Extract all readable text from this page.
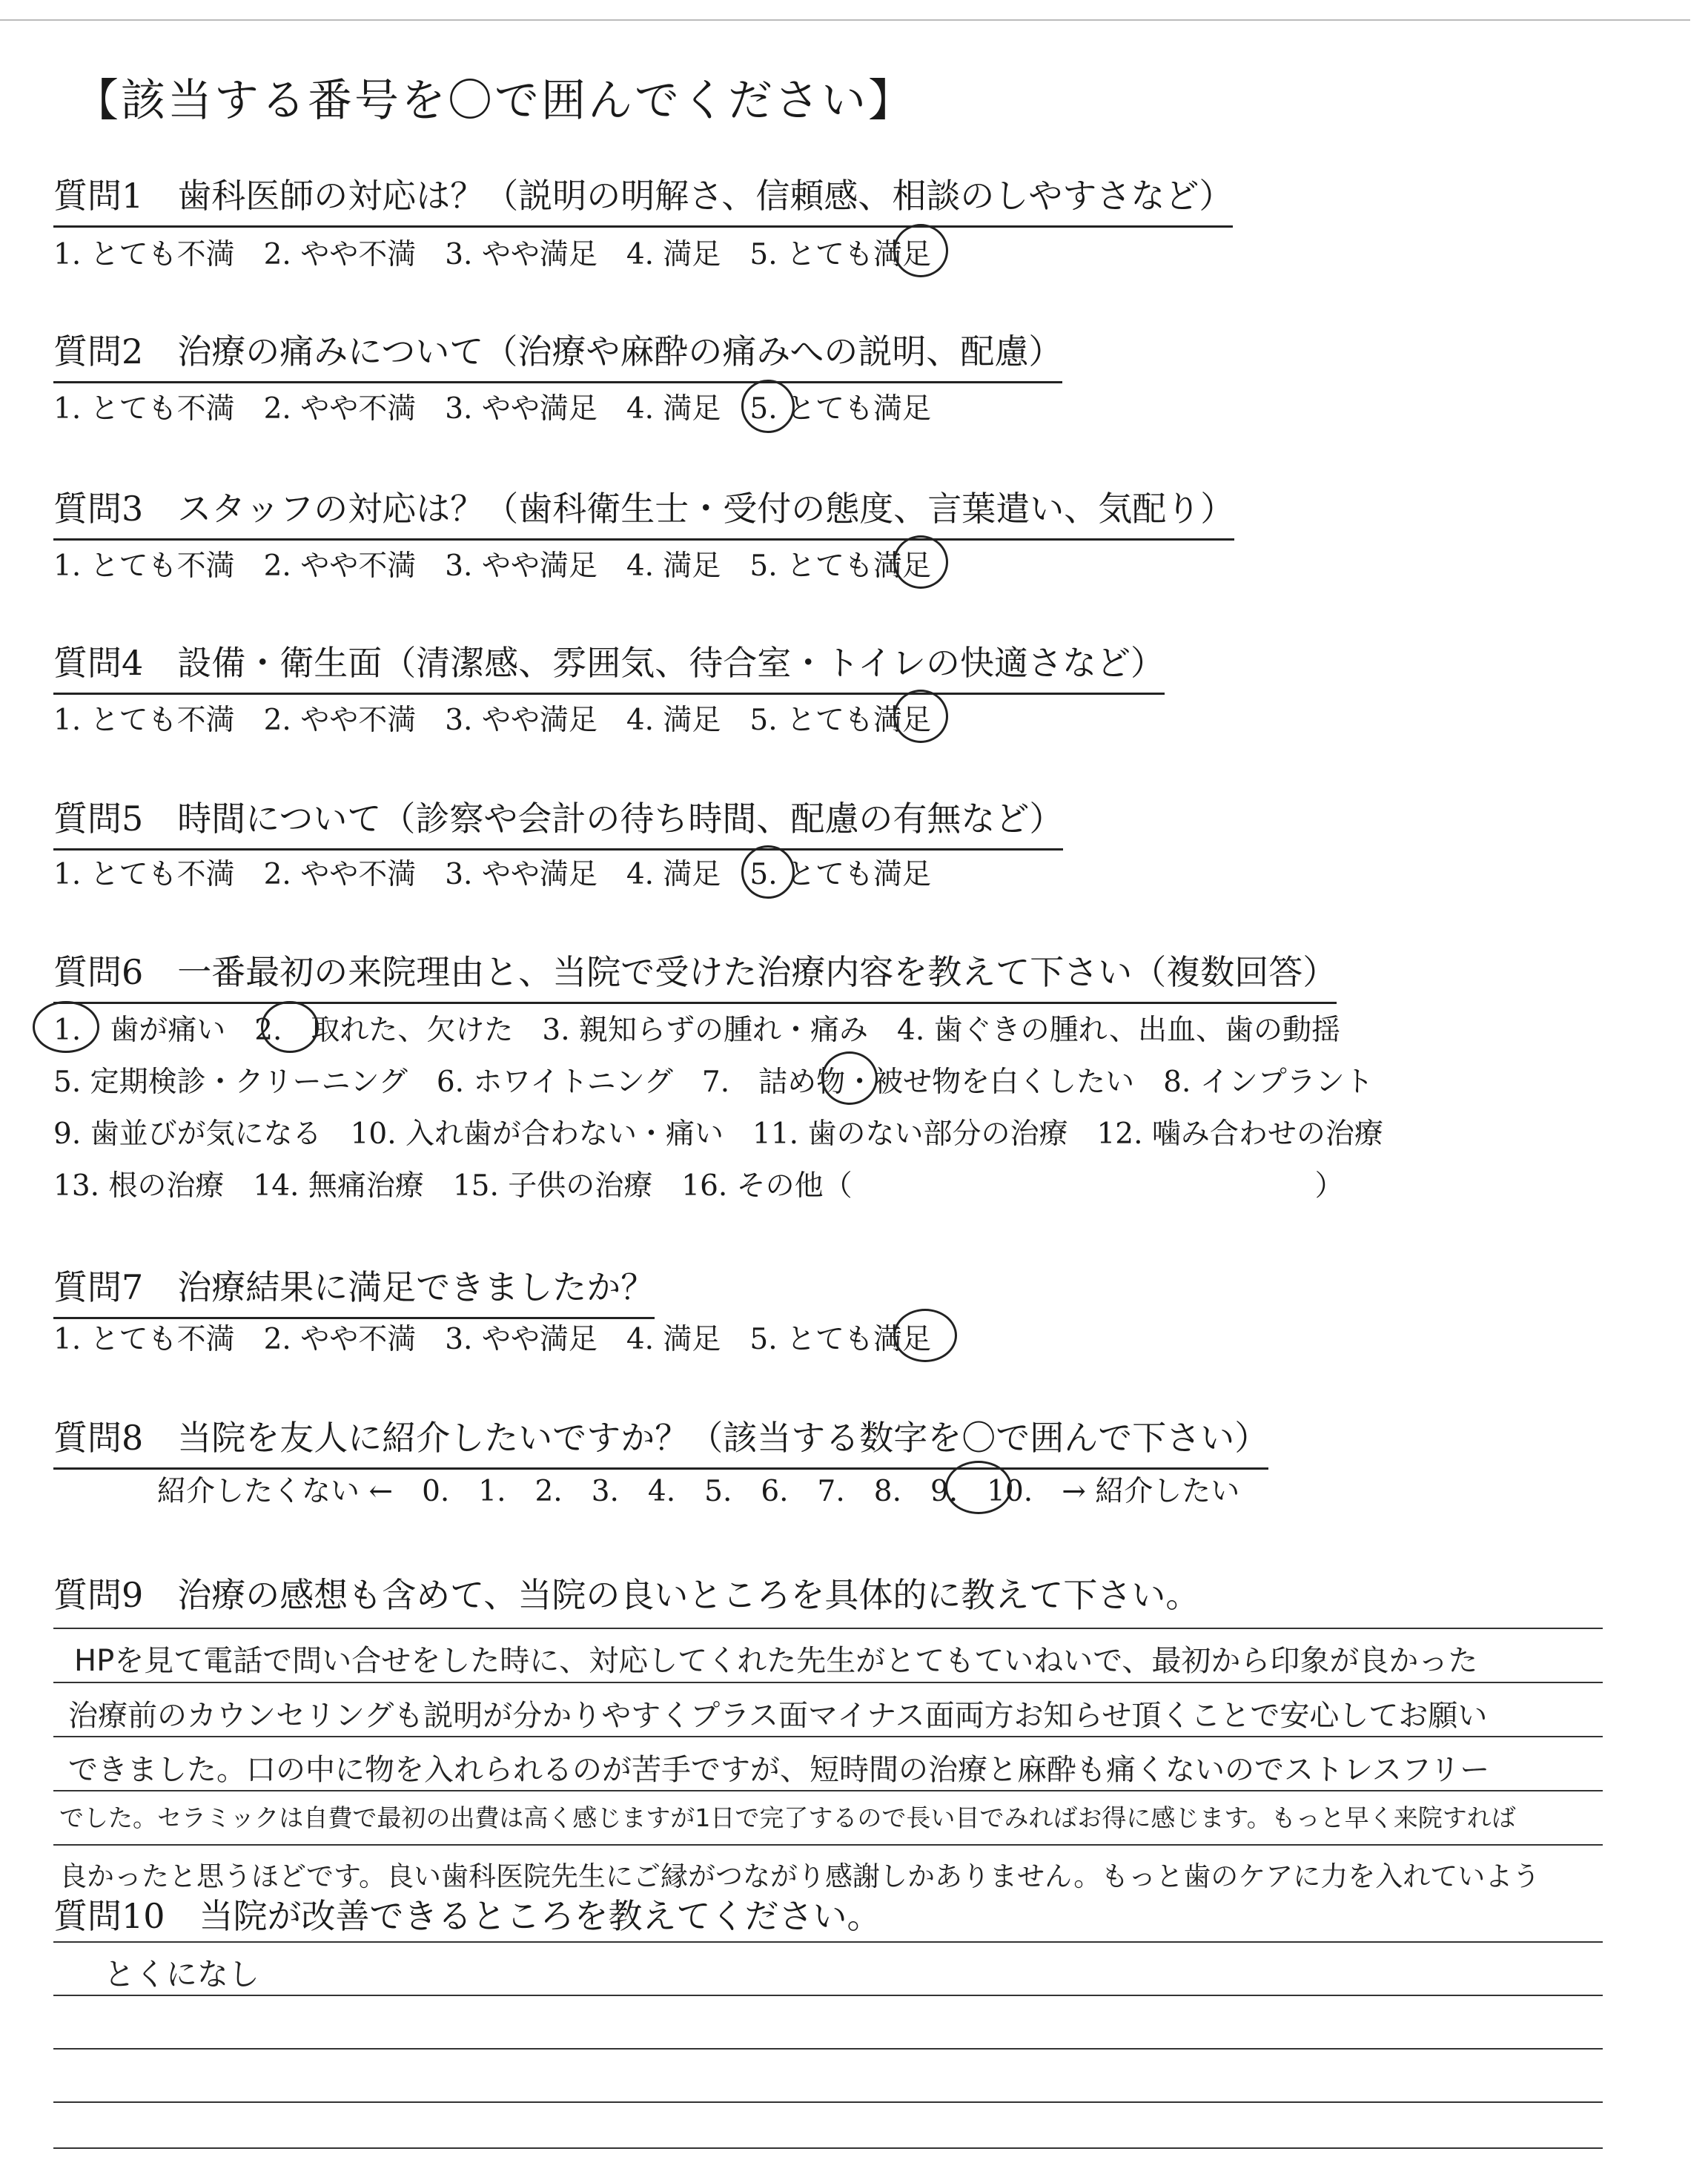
【該当する番号を〇で囲んでください】
質問1　歯科医師の対応は？（説明の明解さ、信頼感、相談のしやすさなど）
1. とても不満　2. やや不満　3. やや満足　4. 満足　5. とても満足
質問2　治療の痛みについて（治療や麻酔の痛みへの説明、配慮）
1. とても不満　2. やや不満　3. やや満足　4. 満足　5. とても満足
質問3　スタッフの対応は？（歯科衛生士・受付の態度、言葉遣い、気配り）
1. とても不満　2. やや不満　3. やや満足　4. 満足　5. とても満足
質問4　設備・衛生面（清潔感、雰囲気、待合室・トイレの快適さなど）
1. とても不満　2. やや不満　3. やや満足　4. 満足　5. とても満足
質問5　時間について（診察や会計の待ち時間、配慮の有無など）
1. とても不満　2. やや不満　3. やや満足　4. 満足　5. とても満足
質問6　一番最初の来院理由と、当院で受けた治療内容を教えて下さい（複数回答）
1.　歯が痛い　2.　取れた、欠けた　3. 親知らずの腫れ・痛み　4. 歯ぐきの腫れ、出血、歯の動揺
5. 定期検診・クリーニング　6. ホワイトニング　7.　詰め物・被せ物を白くしたい　8. インプラント
9. 歯並びが気になる　10. 入れ歯が合わない・痛い　11. 歯のない部分の治療　12. 噛み合わせの治療
13. 根の治療　14. 無痛治療　15. 子供の治療　16. その他（　　　　　　　　　　　　　　　　）
質問7　治療結果に満足できましたか？
1. とても不満　2. やや不満　3. やや満足　4. 満足　5. とても満足
質問8　当院を友人に紹介したいですか？（該当する数字を〇で囲んで下さい）
紹介したくない ←　0.　1.　2.　3.　4.　5.　6.　7.　8.　9.　10.　→ 紹介したい
質問9　治療の感想も含めて、当院の良いところを具体的に教えて下さい。
HPを見て電話で問い合せをした時に、対応してくれた先生がとてもていねいで、最初から印象が良かった
治療前のカウンセリングも説明が分かりやすくプラス面マイナス面両方お知らせ頂くことで安心してお願い
できました。口の中に物を入れられるのが苦手ですが、短時間の治療と麻酔も痛くないのでストレスフリー
でした。セラミックは自費で最初の出費は高く感じますが1日で完了するので長い目でみればお得に感じます。もっと早く来院すれば
良かったと思うほどです。良い歯科医院先生にご縁がつながり感謝しかありません。もっと歯のケアに力を入れていよう
質問10　当院が改善できるところを教えてください。
とくになし
